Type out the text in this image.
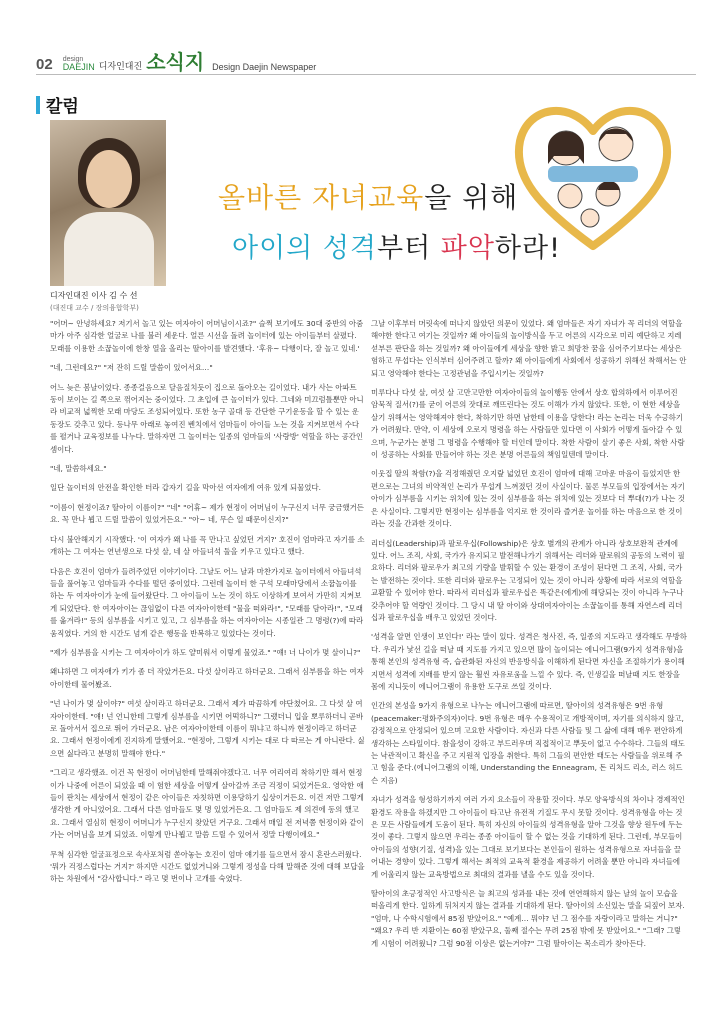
02 design
DAEJIN 디자인대진 소식지 Design Daejin Newspaper
칼럼
디자인대진 이사 김 수 선
(대진대 교수 / 장의융합학부)
올바른 자녀교육을 위해
아이의 성격부터 파악하라!

"어머~ 안녕하세요? 저기서 놀고 있는 여자아이 어머님이시죠?" 슬쩍 보기에도 30대 중반의 아줌마가 아주 심각한 얼굴로 나를 불러 세운다. 얼른 시선을 돌려 놀이터에 있는 아이들부터 살폈다. 모래를 이용한 소꿉놀이에 한창 열을 올리는 딸아이를 발견했다. '후유~ 다행이다, 잘 놀고 있네.'

"네, 그런데요?" "저 잔히 드릴 말씀이 있어서요…"

어느 늦은 봄날이었다. 종종걸음으로 달음질치듯이 집으로 돌아오는 길이었다. 내가 사는 아파트 동이 보이는 길 쪽으로 꺾어지는 중이었다. 그 초입에 큰 놀이터가 있다. 그네와 미끄럼틀뿐만 아니라 비교적 넓찍한 모래 마당도 조성되어있다. 또한 농구 골대 등 간단한 구기운동을 할 수 있는 운동장도 갖추고 있다. 등나무 아래로 놓여진 벤치에서 엄마들이 아이들 노는 것을 지켜보면서 수다를 펼거나 교육정보를 나누다. 말하자면 그 놀이터는 일종의 엄마들의 '사랑방' 역할을 하는 공간인 셈이다.

"네, 말씀하세요."

일단 놀이터의 안전을 확인한 터라 갑자기 길을 막아선 여자에게 여유 있게 되물었다.

"이름이 현정이죠? 딸아이 이름이?" "네" "어휴~ 제가 현정이 어머님이 누구신지 너무 궁금했거든요. 꼭 만나 뵙고 드릴 말씀이 있었거든요." "아~ 네, 무슨 일 때문이신지?"

다시 불안해지기 시작했다. '이 여자가 왜 나를 꼭 만나고 싶었던 거지?' 호진이 엄마라고 자기를 소개하는 그 여자는 연년생으로 다섯 살, 네 살 아들녀석 둘을 키우고 있다고 했다.

다음은 호진이 엄마가 들려주었던 이야기이다. 그날도 어느 날과 마찬가지로 놀이터에서 아들녀석들을 풀어놓고 엄마들과 수다를 떨던 중이었다. 그런데 놀이터 한 구석 모래마당에서 소꿉놀이를 하는 두 여자아이가 눈에 들어왔단다. 그 아이들이 노는 것이 하도 이상하게 보여서 가만히 지켜보게 되었단다. 한 여자아이는 끊임없이 다른 여자아이한테 "물을 떠와라!", "모래를 담아라!", "모래를 옮겨라!" 등의 심부름을 시키고 있고, 그 심부름을 하는 여자아이는 시종일관 그 명령(?)에 따라 움직였다. 거의 한 시간도 넘게 같은 행동을 반복하고 있었다는 것이다.

"제가 심부름을 시키는 그 여자아이가 하도 얄미워서 이렇게 물었죠." "얘! 너 나이가 몇 살이니?"

왜냐하면 그 여자애가 키가 좀 더 작았거든요. 다섯 살이라고 하더군요. 그래서 심부름을 하는 여자아이한테 물어봤죠.

"넌 나이가 몇 살이야?" 여섯 살이라고 하더군요. 그래서 제가 따끔하게 야단쳤어요. 그 다섯 살 여자아이한테. "얘! 넌 언니한테 그렇게 심부름을 시키면 어떡하니?" 그랬더니 입을 뽀루하더니 곧바로 돌아서서 집으로 뛰어 가더군요. 남은 여자아이한테 이름이 뭐냐고 하니까 현정이라고 하더군요. 그래서 현정이에게 진지하게 말했어요. "현정아, 그렇게 시키는 대로 다 따르는 게 아니란다. 싫으면 싫다라고 분명히 말해야 한다."

"그리고 생각했죠. 이건 꼭 현정이 어머님한테 말해줘야겠다고. 너무 여리여리 착하기만 해서 현정이가 나중에 어른이 되었을 때 이 험한 세상을 어떻게 살아갈까 조금 걱정이 되었거든요. 영악한 애들이 판치는 세상에서 현정이 같은 아이들은 자칫하면 이용당하기 십상이거든요. 이건 저만 그렇게 생각한 게 아니었어요. 그래서 다른 엄마들도 몇 명 있었거든요. 그 엄마들도 제 의견에 동의 했고요. 그래서 열심히 현정이 어머니가 누구신지 찾았던 거구요. 그래서 매일 전 저녁쯤 현정이와 같이가는 어머님을 보게 되었죠. 이렇게 만나뵙고 말씀 드릴 수 있어서 정말 다행이에요."

무척 심각한 얼굴표정으로 속사포처럼 쏟아놓는 호진이 엄마 얘기를 들으면서 잠시 혼란스러웠다. '뭐가 걱정스럽다는 거지?' 하지만 시간도 없었거니와 그렇게 정성을 다해 말해준 것에 대해 보답을 하는 차원에서 "감사합니다." 라고 몇 번이나 고개를 숙였다.

그날 이후부터 머릿속에 떠나지 않았던 의문이 있었다. 왜 엄마들은 자기 자녀가 꼭 리더의 역할을 해야한 한다고 여기는 것일까? 왜 아이들의 놀이방식을 두고 어른의 시각으로 미리 예단하고 지레 섣부른 판단을 하는 것일까? 왜 아이들에게 세상을 향한 밝고 희망찬 꿈을 심어주기보다는 세상은 험하고 무섭다는 인식부터 심어주려고 할까? 왜 아이들에게 사회에서 성공하기 위해선 착해서는 안되고 영악해야 한다는 고정관념을 주입시키는 것일까?

미루다나 다섯 살, 여섯 살 고만고만한 여자아이들의 놀이행동 안에서 상호 합의하에서 이루어진 암묵적 질서(?)를 굳이 어른의 잣대로 깨뜨린다는 것도 이해가 가지 않았다. 또한, 이 현한 세상을 살기 위해서는 영악해져야 한다, 착하기만 하면 남한테 이용을 당한다! 라는 논리는 더욱 수긍하기가 어려웠다. 만약, 이 세상에 오로지 명령을 하는 사람들만 있다면 이 사회가 어떻게 돌아갈 수 있으며, 누군가는 분명 그 명령을 수행해야 할 터인데 말이다. 착한 사람이 살기 좋은 사회, 착한 사람이 성공하는 사회를 만들어야 하는 것은 분명 어른들의 책임일텐데 말이다.

이웃집 딸의 착함(?)을 걱정해줬던 오지랖 넓었던 호진이 엄마에 대해 고마운 마음이 들었지만 한편으로는 그녀의 비약적인 논리가 무섭게 느껴졌던 것이 사실이다. 물론 부모들의 입장에서는 자기 아이가 심부름을 시키는 위치에 있는 것이 심부름을 하는 위치에 있는 것보다 더 뿌대(?)가 나는 것은 사실이다. 그렇지만 현정이는 심부름을 억지로 한 것이라 즐거운 놀이를 하는 마음으로 한 것이라는 것을 간과한 것이다.

리더십(Leadership)과 팔로우십(Followship)은 상호 별개의 관계가 아니라 상호보완적 관계에 있다. 어느 조직, 사회, 국가가 유지되고 발전해나가기 위해서는 리더와 팔로워의 공동의 노력이 필요하다. 리더와 팔로우가 최고의 기량을 발휘할 수 있는 환경이 조성이 된다면 그 조직, 사회, 국가는 발전하는 것이다. 또한 리더와 팔로우는 고정되어 있는 것이 아니라 상황에 따라 서로의 역할을 교환할 수 있어야 한다. 따라서 리더십과 팔로우십은 똑같은(에게)에 해당되는 것이 아니라 누구나 갖추어야 할 역량인 것이다. 그 당시 내 딸 아이와 상대여자아이는 소꿉놀이를 통해 자연스레 리더십과 팔로우십을 배우고 있었던 것이다.

'성격을 알면 인생이 보인다!' 라는 말이 있다. 성격은 청사진, 즉, 일종의 지도라고 생각해도 무방하다. 우리가 낯선 길을 떠날 때 지도를 가지고 있으면 많이 놀이되는 에니어그램(9가지 성격유형)을 통해 본인의 성격유형 즉, 습관화된 자신의 반응방식을 이해하게 된다면 자신을 조절하기가 용이해지면서 성격에 지배를 받지 않는 훨씬 자유로움을 느낄 수 있다. 즉, 인생길을 떠날때 지도 한장을 몸에 지니듯이 에니어그램이 유용한 도구로 쓰일 것이다.

인간의 본성을 9가지 유형으로 나누는 에니어그램에 따르면, 딸아이의 성격유형은 9번 유형(peacemaker:평화주의자)이다. 9번 유형은 매우 수용적이고 개방적이며, 자기를 의식하지 않고, 감정적으로 안정되어 있으며 고요한 사람이다. 자신과 다른 사람들 및 그 삶에 대해 매우 편안하게 생각하는 스타일이다. 참을성이 강하고 부드러우며 직접적이고 뿌듯이 없고 수수하다. 그들의 태도는 낙관적이고 확신을 주고 지원적 입장을 취한다. 특히 그들의 편안한 태도는 사람들을 위로해 주고 힘을 준다.(에니어그램의 이해, Understanding the Enneagram, 돈 리처드 리소, 러스 허드슨 지음)

자녀가 성격을 형성하기까지 여러 가지 요소들이 작용할 것이다. 부모 양육방식의 차이나 경제적인 환경도 작용을 하겠지만 그 아이들이 타고난 유전적 기질도 무시 못할 것이다. 성격유형을 아는 것은 모든 사람들에게 도움이 된다. 특히 자신의 아이들의 성격유형을 알아 그것을 향상 원두에 두는 것이 좋다. 그렇지 않으면 우리는 종종 아이들이 할 수 없는 것을 기대하게 된다. 그런데, 부모들이 아이들의 성향(기질, 성격)을 있는 그대로 보기보다는 본인들이 원하는 성격유형으로 자녀들을 끌어내는 경향이 있다. 그렇게 해서는 최적의 교육적 환경을 제공하기 어려울 뿐만 아니라 자녀들에게 어울리지 않는 교육방법으로 최대의 결과를 낼을 수도 있을 것이다.

딸아이의 초긍정적인 사고방식은 늘 최고의 성과를 내는 것에 연연해하지 않는 날의 놀이 모습을 떠올리게 한다. 일하게 뒤처지지 않는 결과를 기대하게 된다. 딸아이의 소신있는 말을 되짚어 보자. "엄마, 나 수학시험에서 85점 받았어요." "예계… 뭐야? 넌 그 점수를 자랑이라고 말하는 거니?" "왜요? 우리 반 지환이는 60점 받았구요, 둘째 절수는 무려 25점 밖에 못 받았어요." "그래? 그렇게 시험이 어려웠니? 그럼 90점 이상은 없는거야?" 그럼 딸아이는 목소리가 찾아든다.
